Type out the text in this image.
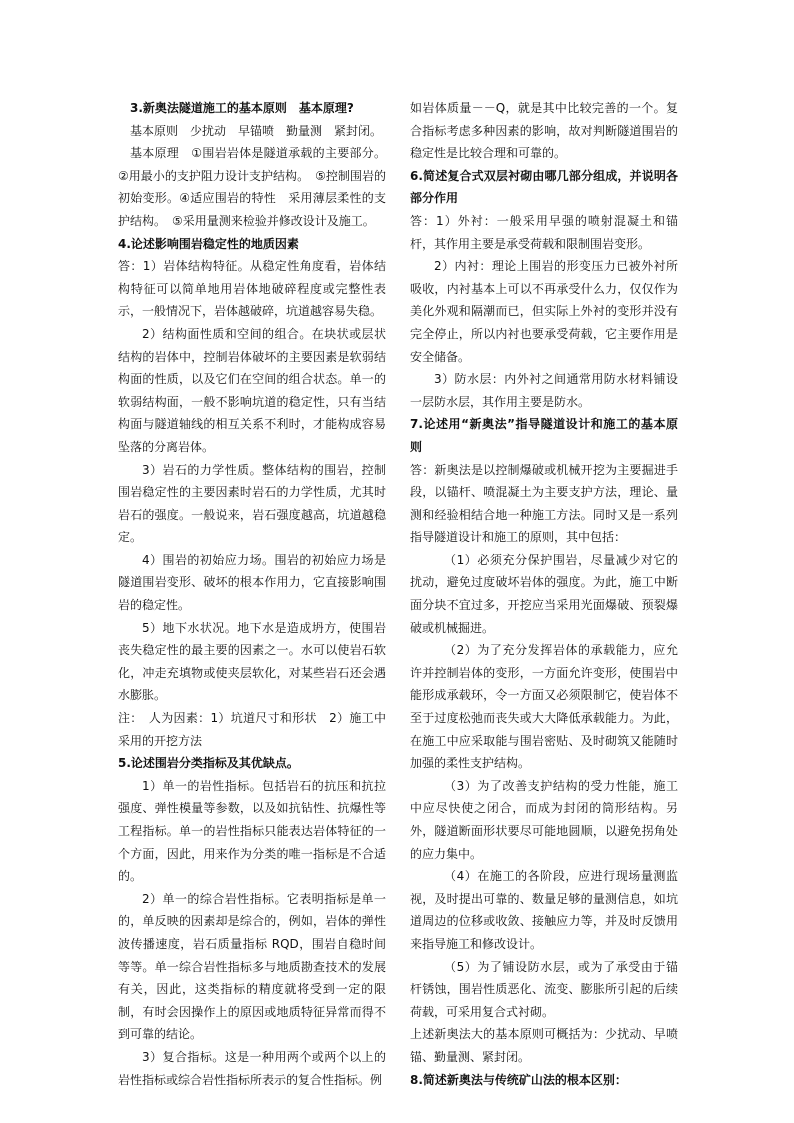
3.新奥法隧道施工的基本原则　基本原理?

基本原则　少扰动　早锚喷　勤量测　紧封闭。

基本原理　①围岩岩体是隧道承载的主要部分。②用最小的支护阻力设计支护结构。　⑤控制围岩的初始变形。④适应围岩的特性　采用薄层柔性的支护结构。　⑤采用量测来检验并修改设计及施工。

4.论述影响围岩稳定性的地质因素

答：1）岩体结构特征。从稳定性角度看，岩体结构特征可以简单地用岩体地破碎程度或完整性表示，一般情况下，岩体越破碎，坑道越容易失稳。

2）结构面性质和空间的组合。在块状或层状结构的岩体中，控制岩体破坏的主要因素是软弱结构面的性质，以及它们在空间的组合状态。单一的软弱结构面，一般不影响坑道的稳定性，只有当结构面与隧道轴线的相互关系不利时，才能构成容易坠落的分离岩体。

3）岩石的力学性质。整体结构的围岩，控制围岩稳定性的主要因素时岩石的力学性质，尤其时岩石的强度。一般说来，岩石强度越高，坑道越稳定。

4）围岩的初始应力场。围岩的初始应力场是隧道围岩变形、破坏的根本作用力，它直接影响围岩的稳定性。

5）地下水状况。地下水是造成坍方，使围岩丧失稳定性的最主要的因素之一。水可以使岩石软化，冲走充填物或使夹层软化，对某些岩石还会遇水膨胀。

注：　人为因素：1）坑道尺寸和形状　2）施工中采用的开挖方法

5.论述围岩分类指标及其优缺点。

1）单一的岩性指标。包括岩石的抗压和抗拉强度、弹性模量等参数，以及如抗钻性、抗爆性等工程指标。单一的岩性指标只能表达岩体特征的一个方面，因此，用来作为分类的唯一指标是不合适的。

2）单一的综合岩性指标。它表明指标是单一的，单反映的因素却是综合的，例如，岩体的弹性波传播速度，岩石质量指标 RQD，围岩自稳时间等等。单一综合岩性指标多与地质勘查技术的发展有关，因此，这类指标的精度就将受到一定的限制，有时会因操作上的原因或地质特征异常而得不到可靠的结论。

3）复合指标。这是一种用两个或两个以上的岩性指标或综合岩性指标所表示的复合性指标。例

如岩体质量－－Q，就是其中比较完善的一个。复合指标考虑多种因素的影响，故对判断隧道围岩的稳定性是比较合理和可靠的。

6.简述复合式双层衬砌由哪几部分组成，并说明各部分作用

答：1）外衬：一般采用早强的喷射混凝土和锚杆，其作用主要是承受荷载和限制围岩变形。

2）内衬：理论上围岩的形变压力已被外衬所吸收，内衬基本上可以不再承受什么力，仅仅作为美化外观和隔潮而已，但实际上外衬的变形并没有完全停止，所以内衬也要承受荷载，它主要作用是安全储备。

3）防水层：内外衬之间通常用防水材料铺设一层防水层，其作用主要是防水。

7.论述用“新奥法”指导隧道设计和施工的基本原则

答：新奥法是以控制爆破或机械开挖为主要掘进手段，以锚杆、喷混凝土为主要支护方法，理论、量测和经验相结合地一种施工方法。同时又是一系列指导隧道设计和施工的原则，其中包括：

（1）必须充分保护围岩，尽量减少对它的扰动，避免过度破坏岩体的强度。为此，施工中断面分块不宜过多，开挖应当采用光面爆破、预裂爆破或机械掘进。

（2）为了充分发挥岩体的承载能力，应允许并控制岩体的变形，一方面允许变形，使围岩中能形成承载环，令一方面又必须限制它，使岩体不至于过度松弛而丧失或大大降低承载能力。为此，在施工中应采取能与围岩密贴、及时砌筑又能随时加强的柔性支护结构。

（3）为了改善支护结构的受力性能，施工中应尽快使之闭合，而成为封闭的筒形结构。另外，隧道断面形状要尽可能地圆顺，以避免拐角处的应力集中。

（4）在施工的各阶段，应进行现场量测监视，及时提出可靠的、数量足够的量测信息，如坑道周边的位移或收敛、接触应力等，并及时反馈用来指导施工和修改设计。

（5）为了铺设防水层，或为了承受由于锚杆锈蚀，围岩性质恶化、流变、膨胀所引起的后续荷载，可采用复合式衬砌。

上述新奥法大的基本原则可概括为：少扰动、早喷锚、勤量测、紧封闭。

8.简述新奥法与传统矿山法的根本区别：
